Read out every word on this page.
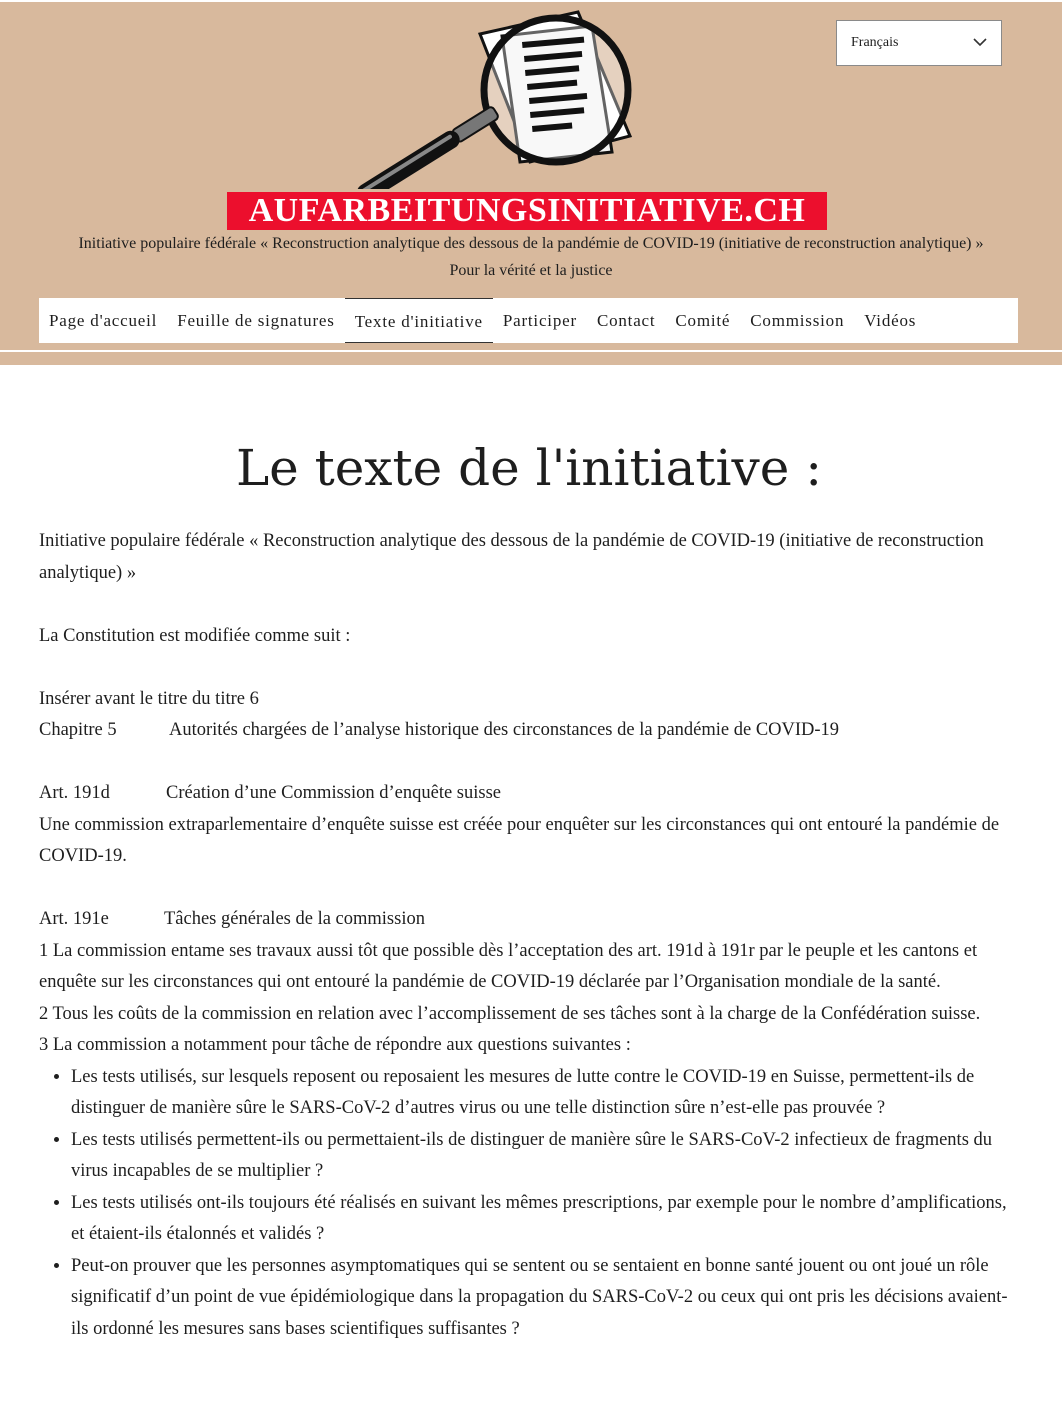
AUFARBEITUNGSINITIATIVE.CH
Initiative populaire fédérale « Reconstruction analytique des dessous de la pandémie de COVID-19 (initiative de reconstruction analytique) »
Pour la vérité et la justice
Français
Page d'accueil	Feuille de signatures	Texte d'initiative	Participer	Contact	Comité	Commission	Vidéos
Le texte de l'initiative :

Initiative populaire fédérale « Reconstruction analytique des dessous de la pandémie de COVID-19 (initiative de reconstruction analytique) »

La Constitution est modifiée comme suit :

Insérer avant le titre du titre 6

Chapitre 5	Autorités chargées de l’analyse historique des circonstances de la pandémie de COVID-19

Art. 191d	Création d’une Commission d’enquête suisse

Une commission extraparlementaire d’enquête suisse est créée pour enquêter sur les circonstances qui ont entouré la pandémie de COVID-19.

Art. 191e	Tâches générales de la commission

1 La commission entame ses travaux aussi tôt que possible dès l’acceptation des art. 191d à 191r par le peuple et les cantons et enquête sur les circonstances qui ont entouré la pandémie de COVID-19 déclarée par l’Organisation mondiale de la santé.

2 Tous les coûts de la commission en relation avec l’accomplissement de ses tâches sont à la charge de la Confédération suisse.

3 La commission a notamment pour tâche de répondre aux questions suivantes :

• Les tests utilisés, sur lesquels reposent ou reposaient les mesures de lutte contre le COVID-19 en Suisse, permettent-ils de distinguer de manière sûre le SARS-CoV-2 d’autres virus ou une telle distinction sûre n’est-elle pas prouvée ?
• Les tests utilisés permettent-ils ou permettaient-ils de distinguer de manière sûre le SARS-CoV-2 infectieux de fragments du virus incapables de se multiplier ?
• Les tests utilisés ont-ils toujours été réalisés en suivant les mêmes prescriptions, par exemple pour le nombre d’amplifications, et étaient-ils étalonnés et validés ?
• Peut-on prouver que les personnes asymptomatiques qui se sentent ou se sentaient en bonne santé jouent ou ont joué un rôle significatif d’un point de vue épidémiologique dans la propagation du SARS-CoV-2 ou ceux qui ont pris les décisions avaient-ils ordonné les mesures sans bases scientifiques suffisantes ?
